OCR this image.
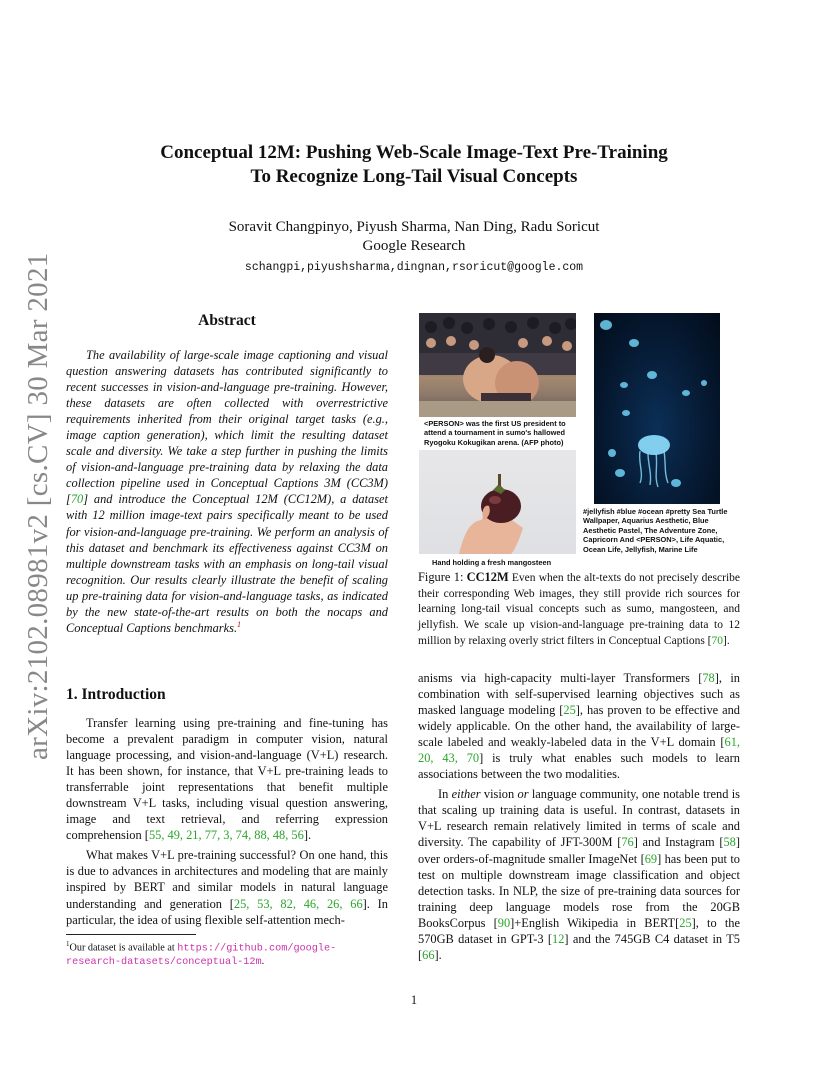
arXiv:2102.08981v2 [cs.CV] 30 Mar 2021
Conceptual 12M: Pushing Web-Scale Image-Text Pre-Training
To Recognize Long-Tail Visual Concepts
Soravit Changpinyo, Piyush Sharma, Nan Ding, Radu Soricut
Google Research
schangpi,piyushsharma,dingnan,rsoricut@google.com
Abstract
The availability of large-scale image captioning and visual question answering datasets has contributed significantly to recent successes in vision-and-language pre-training. However, these datasets are often collected with overrestrictive requirements inherited from their original target tasks (e.g., image caption generation), which limit the resulting dataset scale and diversity. We take a step further in pushing the limits of vision-and-language pre-training data by relaxing the data collection pipeline used in Conceptual Captions 3M (CC3M) [70] and introduce the Conceptual 12M (CC12M), a dataset with 12 million image-text pairs specifically meant to be used for vision-and-language pre-training. We perform an analysis of this dataset and benchmark its effectiveness against CC3M on multiple downstream tasks with an emphasis on long-tail visual recognition. Our results clearly illustrate the benefit of scaling up pre-training data for vision-and-language tasks, as indicated by the new state-of-the-art results on both the nocaps and Conceptual Captions benchmarks.$^1$
1. Introduction

Transfer learning using pre-training and fine-tuning has become a prevalent paradigm in computer vision, natural language processing, and vision-and-language (V+L) research. It has been shown, for instance, that V+L pre-training leads to transferrable joint representations that benefit multiple downstream V+L tasks, including visual question answering, image and text retrieval, and referring expression comprehension [55, 49, 21, 77, 3, 74, 88, 48, 56].

What makes V+L pre-training successful? On one hand, this is due to advances in architectures and modeling that are mainly inspired by BERT and similar models in natural language understanding and generation [25, 53, 82, 46, 26, 66]. In particular, the idea of using flexible self-attention mech-

$^1$Our dataset is available at https://github.com/google-research-datasets/conceptual-12m.
<PERSON> was the first US president to attend a tournament in sumo's hallowed Ryogoku Kokugikan arena. (AFP photo)
Hand holding a fresh mangosteen
#jellyfish #blue #ocean #pretty Sea Turtle Wallpaper, Aquarius Aesthetic, Blue Aesthetic Pastel, The Adventure Zone, Capricorn And <PERSON>, Life Aquatic, Ocean Life, Jellyfish, Marine Life
Figure 1: CC12M Even when the alt-texts do not precisely describe their corresponding Web images, they still provide rich sources for learning long-tail visual concepts such as sumo, mangosteen, and jellyfish. We scale up vision-and-language pre-training data to 12 million by relaxing overly strict filters in Conceptual Captions [70].

anisms via high-capacity multi-layer Transformers [78], in combination with self-supervised learning objectives such as masked language modeling [25], has proven to be effective and widely applicable. On the other hand, the availability of large-scale labeled and weakly-labeled data in the V+L domain [61, 20, 43, 70] is truly what enables such models to learn associations between the two modalities.

In either vision or language community, one notable trend is that scaling up training data is useful. In contrast, datasets in V+L research remain relatively limited in terms of scale and diversity. The capability of JFT-300M [76] and Instagram [58] over orders-of-magnitude smaller ImageNet [69] has been put to test on multiple downstream image classification and object detection tasks. In NLP, the size of pre-training data sources for training deep language models rose from the 20GB BooksCorpus [90]+English Wikipedia in BERT[25], to the 570GB dataset in GPT-3 [12] and the 745GB C4 dataset in T5 [66].

1
